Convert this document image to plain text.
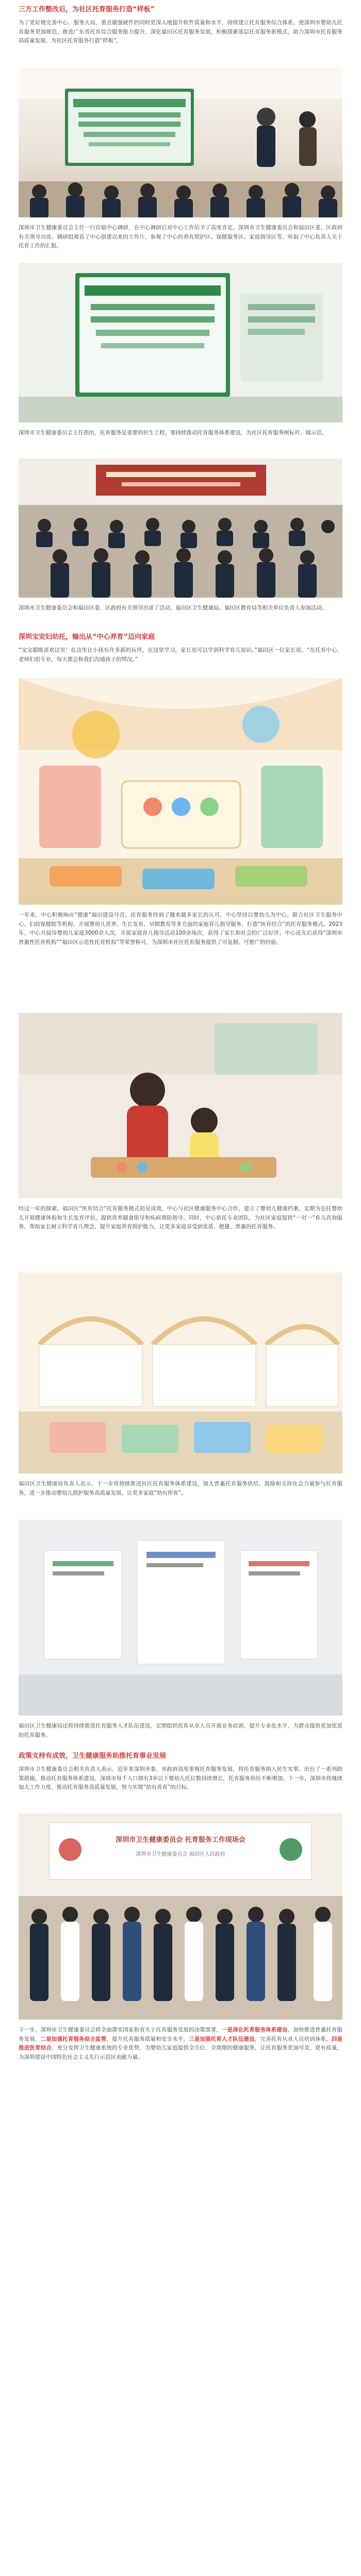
三方工作整改后，为社区托育服务打造“样板”
为了更好地完善中心、服务大局，重点做强硬件的同时更深入地提升软件质量和水平，持续建立托育服务综合体系，使深圳市婴幼儿托育服务更加规范，推进广东省托育综合服务能力提升，深化福田区托育服务发展，积极探索基层托育服务新模式，助力深圳市托育服务高质量发展，为社区托育服务打造“样板”。
深圳市卫生健康委员会主任一行莅临中心调研，在中心调研后对中心工作给予了高度肯定，深圳市卫生健康委员会和福田区委、区政府有关领导出席。调研组观看了中心创建以来的工作片，参观了中心的养育照护区、保健服务区、家庭指导区等，听取了中心负责人关于托育工作的汇报。
深圳市卫生健康委员会主任指出，托育服务是重要的民生工程，要持续推动托育服务体系建设，为社区托育服务树标杆、做示范。
深圳市卫生健康委员会和福田区委、区政府有关领导出席了活动，福田区卫生健康局、福田区教育局等相关单位负责人参加活动。
深圳宝安妇幼托，输出从“中心养育”迈向家庭
“宝宝超级喜欢这里！在这里让小孩有许多新的玩伴，在这里学习，家长也可以学到科学育儿知识。”福田区一位家长说，“在托育中心，老师们很专业，每天都会和我们沟通孩子的情况。”
一年来，中心积极响应“健康”福田建设号召，托育服务得到了越来越多家长的认可。中心坚持以婴幼儿为中心，联合社区卫生服务中心、妇幼保健院等机构，开展婴幼儿营养、生长发育、早期教育等多方面的家庭育儿指导服务，打造“医育结合”的托育服务模式。2023年，中心共接待婴幼儿家庭3000余人次，开展家庭育儿指导活动100余场次，获得了家长和社会的广泛好评。中心还先后获得“深圳市普惠性托育机构”“福田区示范性托育机构”等荣誉称号，为深圳市社区托育服务提供了可复制、可推广的经验。
经过一年的探索，福田区“医育结合”托育服务模式初见成效。中心与社区健康服务中心合作，建立了婴幼儿健康档案，定期为在托婴幼儿开展健康体检和生长发育评估，提供营养膳食指导和疾病预防指导。同时，中心依托专业团队，为社区家庭提供“一对一”育儿咨询服务，帮助家长树立科学育儿理念，提升家庭养育照护能力，让更多家庭享受到优质、便捷、普惠的托育服务。
福田区卫生健康局负责人表示，下一步将持续推进社区托育服务体系建设，加大普惠托育服务供给，鼓励和支持社会力量参与托育服务，进一步推动婴幼儿照护服务高质量发展，让更多家庭“幼有所育”。
福田区卫生健康局还将持续推进托育服务人才队伍建设，定期组织托育从业人员开展业务培训，提升专业化水平，为群众提供更加优质的托育服务。
政策支持有成效，卫生健康服务助推托育事业发展
深圳市卫生健康委员会相关负责人表示，近年来深圳市委、市政府高度重视托育服务发展，将托育服务纳入民生实事，出台了一系列政策措施，推动托育服务体系建设，深圳市每千人口拥有3岁以下婴幼儿托位数持续增长，托育服务供给不断增加。下一步，深圳市将继续加大工作力度，推动托育服务高质量发展，努力实现“幼有善育”的目标。
深圳市卫生健康委员会 托育服务工作现场会
深圳市卫生健康委员会 福田区人民政府
下一步，深圳市卫生健康委员会将全面落实国家和省关于托育服务发展的决策部署，一是深化托育服务体系建设，加快推进普惠托育服务发展，二是加强托育服务综合监管，提升托育服务质量和安全水平，三是加强托育人才队伍建设，完善托育从业人员培训体系，四是推进医育结合，充分发挥卫生健康系统的专业优势，为婴幼儿家庭提供全方位、全周期的健康服务，让托育服务更加可及、更有质量，为深圳建设中国特色社会主义先行示范区贡献力量。
